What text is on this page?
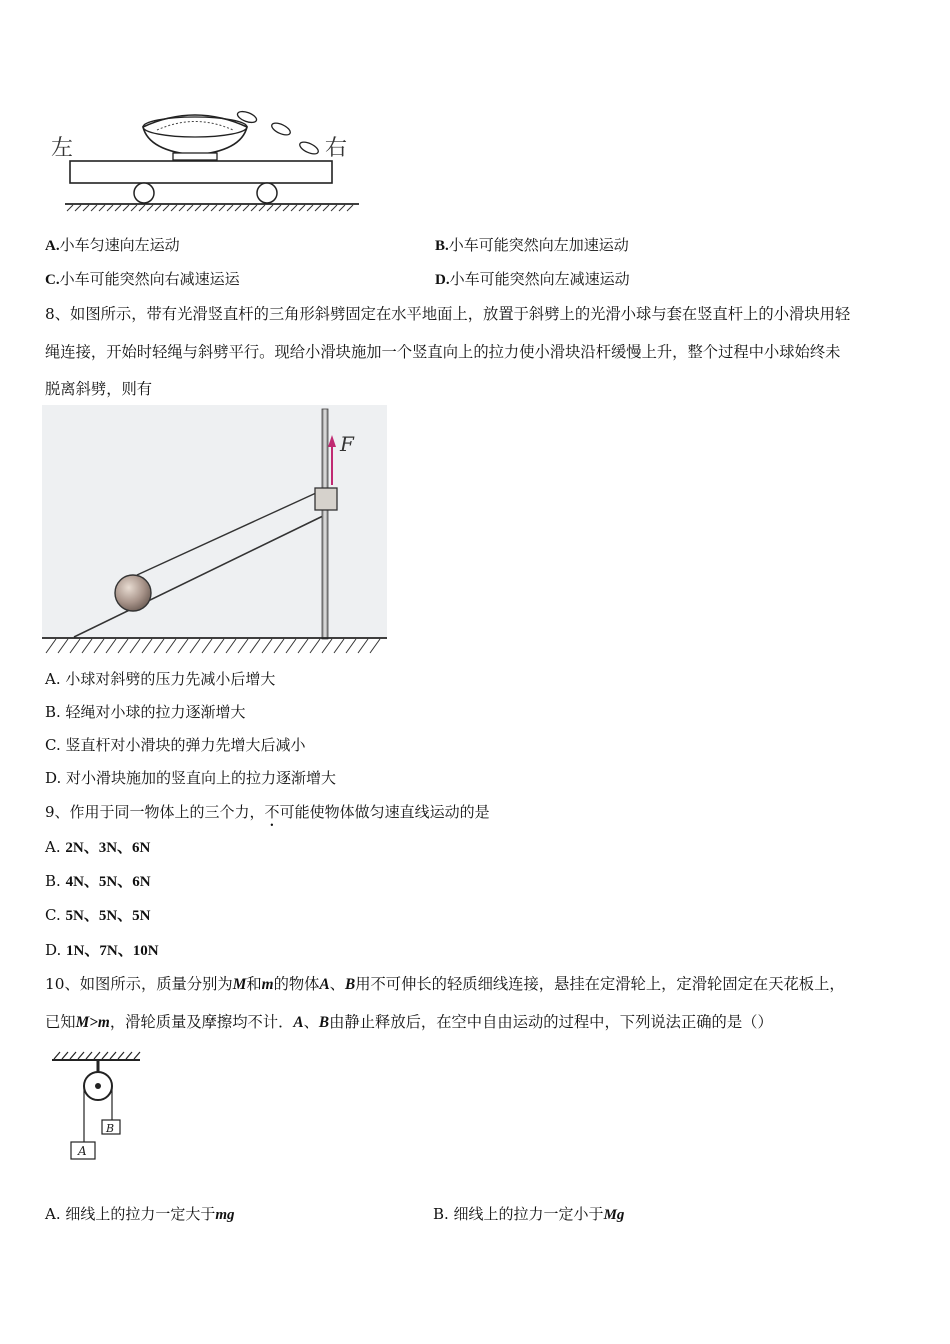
左	右
A.小车匀速向左运动	B.小车可能突然向左加速运动
C.小车可能突然向右减速运运	D.小车可能突然向左减速运动
8、如图所示，带有光滑竖直杆的三角形斜劈固定在水平地面上，放置于斜劈上的光滑小球与套在竖直杆上的小滑块用轻
绳连接，开始时轻绳与斜劈平行。现给小滑块施加一个竖直向上的拉力使小滑块沿杆缓慢上升，整个过程中小球始终未
脱离斜劈，则有
F
A. 小球对斜劈的压力先减小后增大
B. 轻绳对小球的拉力逐渐增大
C. 竖直杆对小滑块的弹力先增大后减小
D. 对小滑块施加的竖直向上的拉力逐渐增大
9、作用于同一物体上的三个力，不可能使物体做匀速直线运动的是
A. 2N、3N、6N
B. 4N、5N、6N
C. 5N、5N、5N
D. 1N、7N、10N
10、如图所示，质量分别为M和m的物体A、B用不可伸长的轻质细线连接，悬挂在定滑轮上，定滑轮固定在天花板上，
已知M>m，滑轮质量及摩擦均不计．A、B由静止释放后，在空中自由运动的过程中，下列说法正确的是（）
B
A
A. 细线上的拉力一定大于mg	B. 细线上的拉力一定小于Mg
